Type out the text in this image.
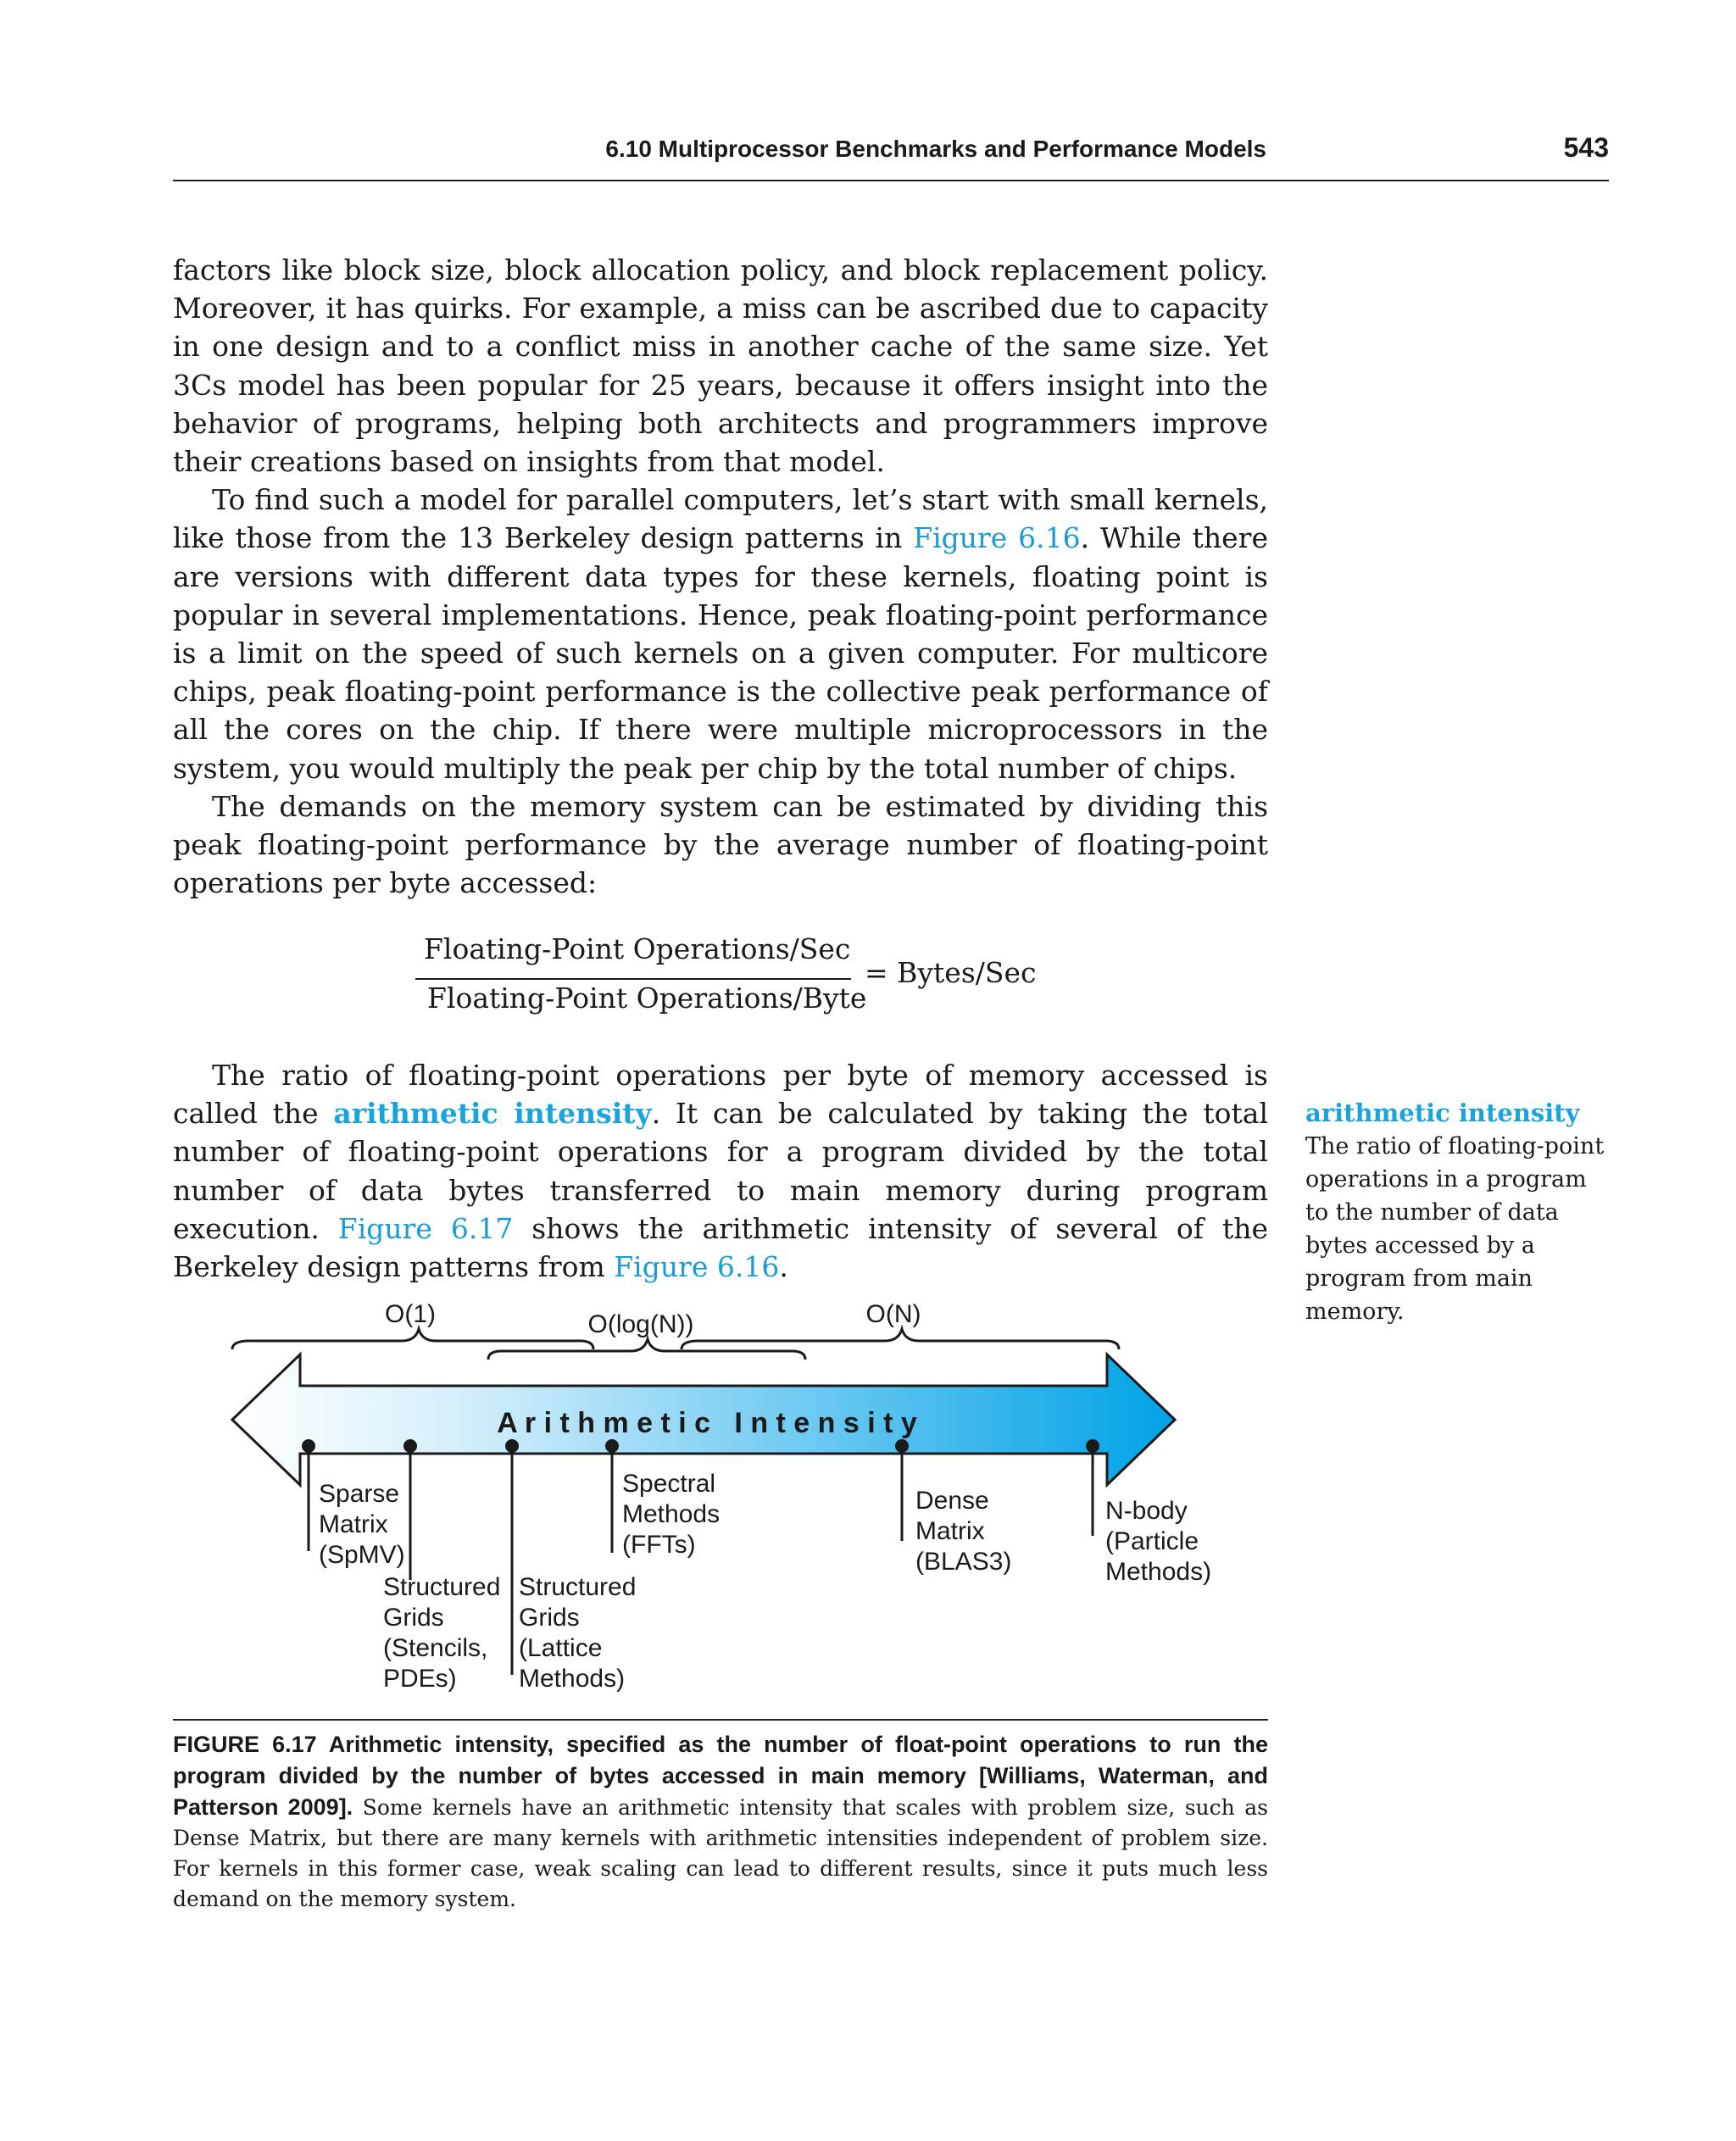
6.10 Multiprocessor Benchmarks and Performance Models	543

factors like block size, block allocation policy, and block replacement policy. Moreover, it has quirks. For example, a miss can be ascribed due to capacity in one design and to a conflict miss in another cache of the same size. Yet 3Cs model has been popular for 25 years, because it offers insight into the behavior of programs, helping both architects and programmers improve their creations based on insights from that model.

To find such a model for parallel computers, let’s start with small kernels, like those from the 13 Berkeley design patterns in Figure 6.16. While there are versions with different data types for these kernels, floating point is popular in several implementations. Hence, peak floating-point performance is a limit on the speed of such kernels on a given computer. For multicore chips, peak floating-point performance is the collective peak performance of all the cores on the chip. If there were multiple microprocessors in the system, you would multiply the peak per chip by the total number of chips.

The demands on the memory system can be estimated by dividing this peak floating-point performance by the average number of floating-point operations per byte accessed:

Floating-Point Operations/Sec
Floating-Point Operations/Byte
= Bytes/Sec

The ratio of floating-point operations per byte of memory accessed is called the arithmetic intensity. It can be calculated by taking the total number of floating-point operations for a program divided by the total number of data bytes transferred to main memory during program execution. Figure 6.17 shows the arithmetic intensity of several of the Berkeley design patterns from Figure 6.16.

arithmetic intensity
The ratio of floating-point operations in a program to the number of data bytes accessed by a program from main memory.
O(1)	O(log(N))	O(N)
A r i t h m e t i c   I n t e n s i t y
Sparse Matrix (SpMV)
Structured Grids (Stencils, PDEs)
Structured Grids (Lattice Methods)
Spectral Methods (FFTs)
Dense Matrix (BLAS3)
N-body (Particle Methods)
FIGURE 6.17 Arithmetic intensity, specified as the number of float-point operations to run the program divided by the number of bytes accessed in main memory [Williams, Waterman, and Patterson 2009]. Some kernels have an arithmetic intensity that scales with problem size, such as Dense Matrix, but there are many kernels with arithmetic intensities independent of problem size. For kernels in this former case, weak scaling can lead to different results, since it puts much less demand on the memory system.
